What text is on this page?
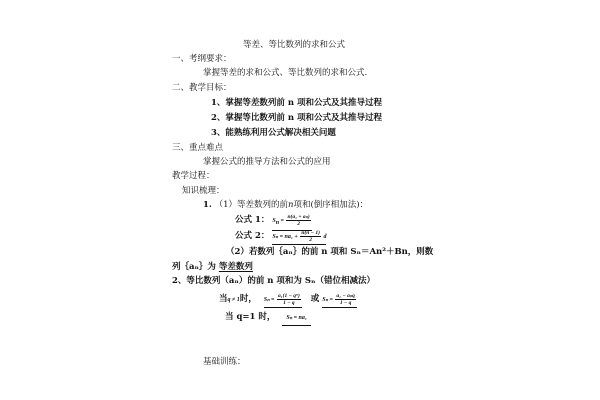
等差、等比数列的求和公式
一、考纲要求：
掌握等差的求和公式、等比数列的求和公式.
二、教学目标：
1、掌握等差数列前 n 项和公式及其推导过程
2、掌握等比数列前 n 项和公式及其推导过程
3、能熟练利用公式解决相关问题
三、重点难点
掌握公式的推导方法和公式的应用
教学过程：
知识梳理：
1. （1）等差数列的前n项和(倒序相加法)：
公式 1： $Sn = \frac{\text{n(a₁ + aₙ)}}{2}$
公式 2： $S_n = na_1 + \frac{n(n - 1)}{2}$ d
（2）若数列｛aₙ｝的前 n 项和 Sₙ＝An²＋Bn，则数
列｛aₙ｝为 等差数列
2、等比数列（aₙ）的前 n 项和为 Sₙ（错位相减法）
当q ≠ 1时， $S_n = \frac{\text{a₁(1 − qⁿ)}}{1 - q}$ 或 $S_n = \frac{\text{a₁ − aₙq}}{1 - q}$
当 q=1 时， Sₙ = na₁
基础训练：
